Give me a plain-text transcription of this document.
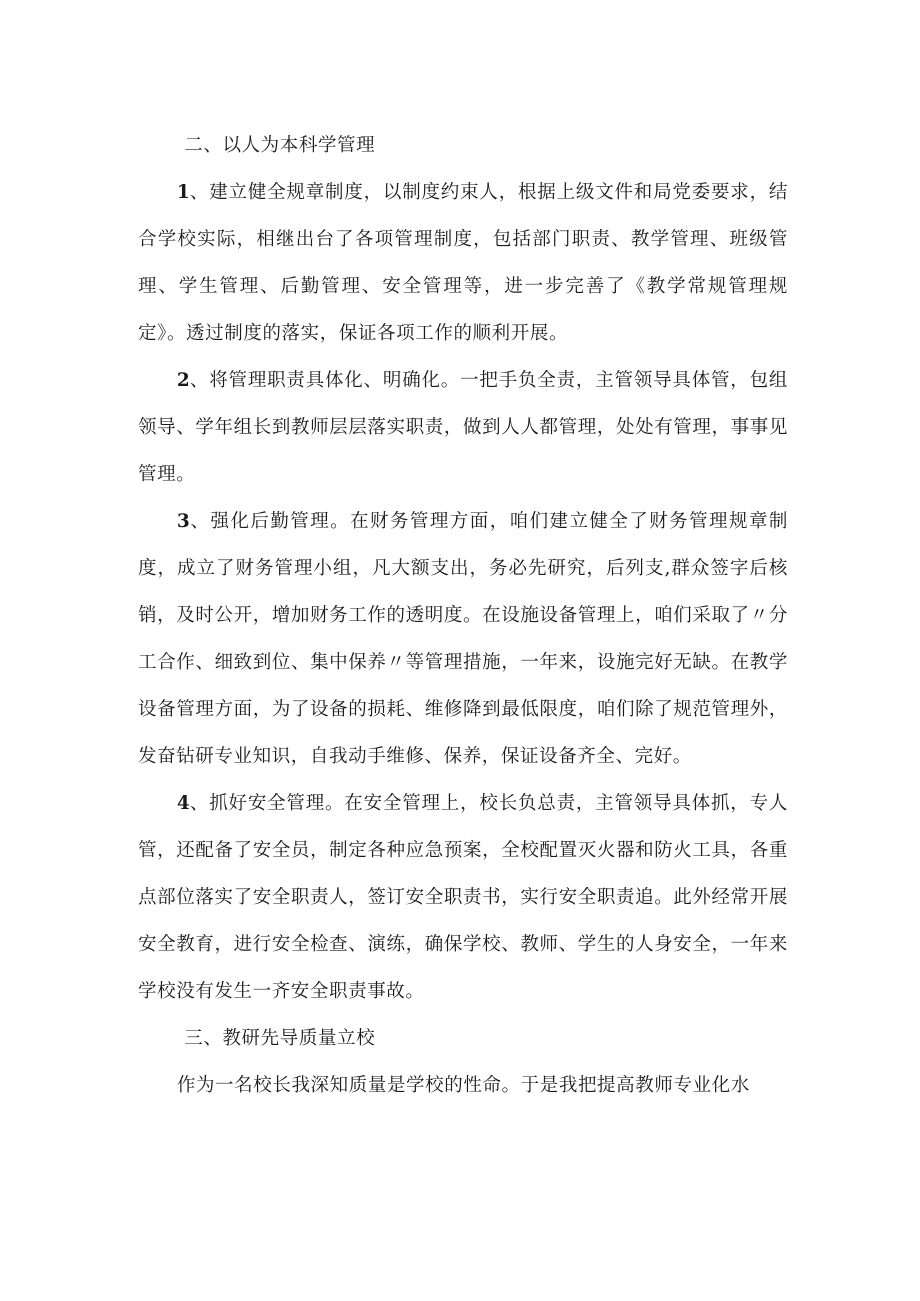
二、以人为本科学管理

1、建立健全规章制度，以制度约束人，根据上级文件和局党委要求，结合学校实际，相继出台了各项管理制度，包括部门职责、教学管理、班级管理、学生管理、后勤管理、安全管理等，进一步完善了《教学常规管理规定》。透过制度的落实，保证各项工作的顺利开展。

2、将管理职责具体化、明确化。一把手负全责，主管领导具体管，包组领导、学年组长到教师层层落实职责，做到人人都管理，处处有管理，事事见管理。

3、强化后勤管理。在财务管理方面，咱们建立健全了财务管理规章制度，成立了财务管理小组，凡大额支出，务必先研究，后列支,群众签字后核销，及时公开，增加财务工作的透明度。在设施设备管理上，咱们采取了〃分工合作、细致到位、集中保养〃等管理措施，一年来，设施完好无缺。在教学设备管理方面，为了设备的损耗、维修降到最低限度，咱们除了规范管理外，发奋钻研专业知识，自我动手维修、保养，保证设备齐全、完好。

4、抓好安全管理。在安全管理上，校长负总责，主管领导具体抓，专人管，还配备了安全员，制定各种应急预案，全校配置灭火器和防火工具，各重点部位落实了安全职责人，签订安全职责书，实行安全职责追。此外经常开展安全教育，进行安全检查、演练，确保学校、教师、学生的人身安全，一年来学校没有发生一齐安全职责事故。

三、教研先导质量立校

作为一名校长我深知质量是学校的性命。于是我把提高教师专业化水
